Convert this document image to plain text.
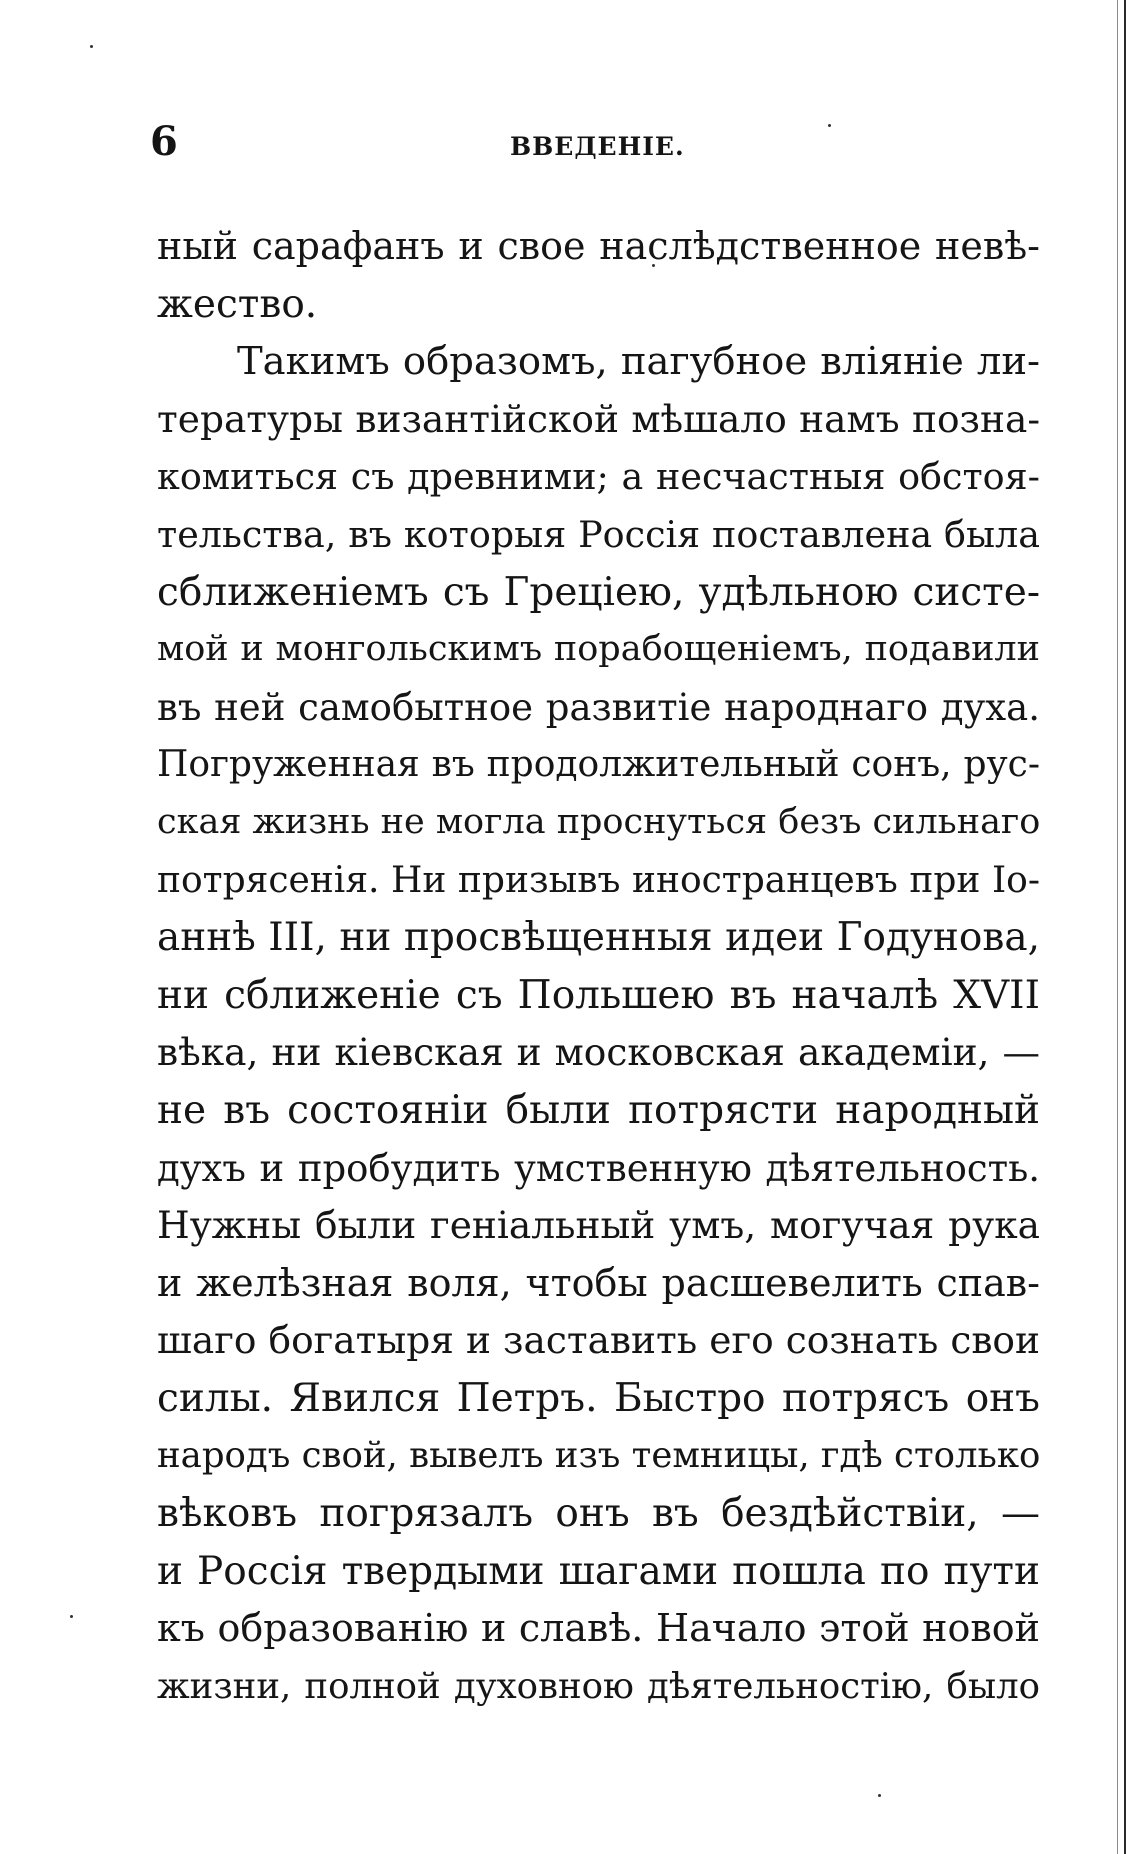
6	ВВЕДЕНIЕ.
ный сарафанъ и свое наслѣдственное невѣ-
жество.
Такимъ образомъ, пагубное вліяніе ли-
тературы византійской мѣшало намъ позна-
комиться съ древними; а несчастныя обстоя-
тельства, въ которыя Россія поставлена была
сближеніемъ съ Греціею, удѣльною систе-
мой и монгольскимъ порабощеніемъ, подавили
въ ней самобытное развитіе народнаго духа.
Погруженная въ продолжительный сонъ, рус-
ская жизнь не могла проснуться безъ сильнаго
потрясенія. Ни призывъ иностранцевъ при Іо-
аннѣ III, ни просвѣщенныя идеи Годунова,
ни сближеніе съ Польшею въ началѣ XVII
вѣка, ни кіевская и московская академіи, —
не въ состояніи были потрясти народный
духъ и пробудить умственную дѣятельность.
Нужны были геніальный умъ, могучая рука
и желѣзная воля, чтобы расшевелить спав-
шаго богатыря и заставить его сознать свои
силы. Явился Петръ. Быстро потрясъ онъ
народъ свой, вывелъ изъ темницы, гдѣ столько
вѣковъ погрязалъ онъ въ бездѣйствіи, —
и Россія твердыми шагами пошла по пути
къ образованію и славѣ. Начало этой новой
жизни, полной духовною дѣятельностію, было
